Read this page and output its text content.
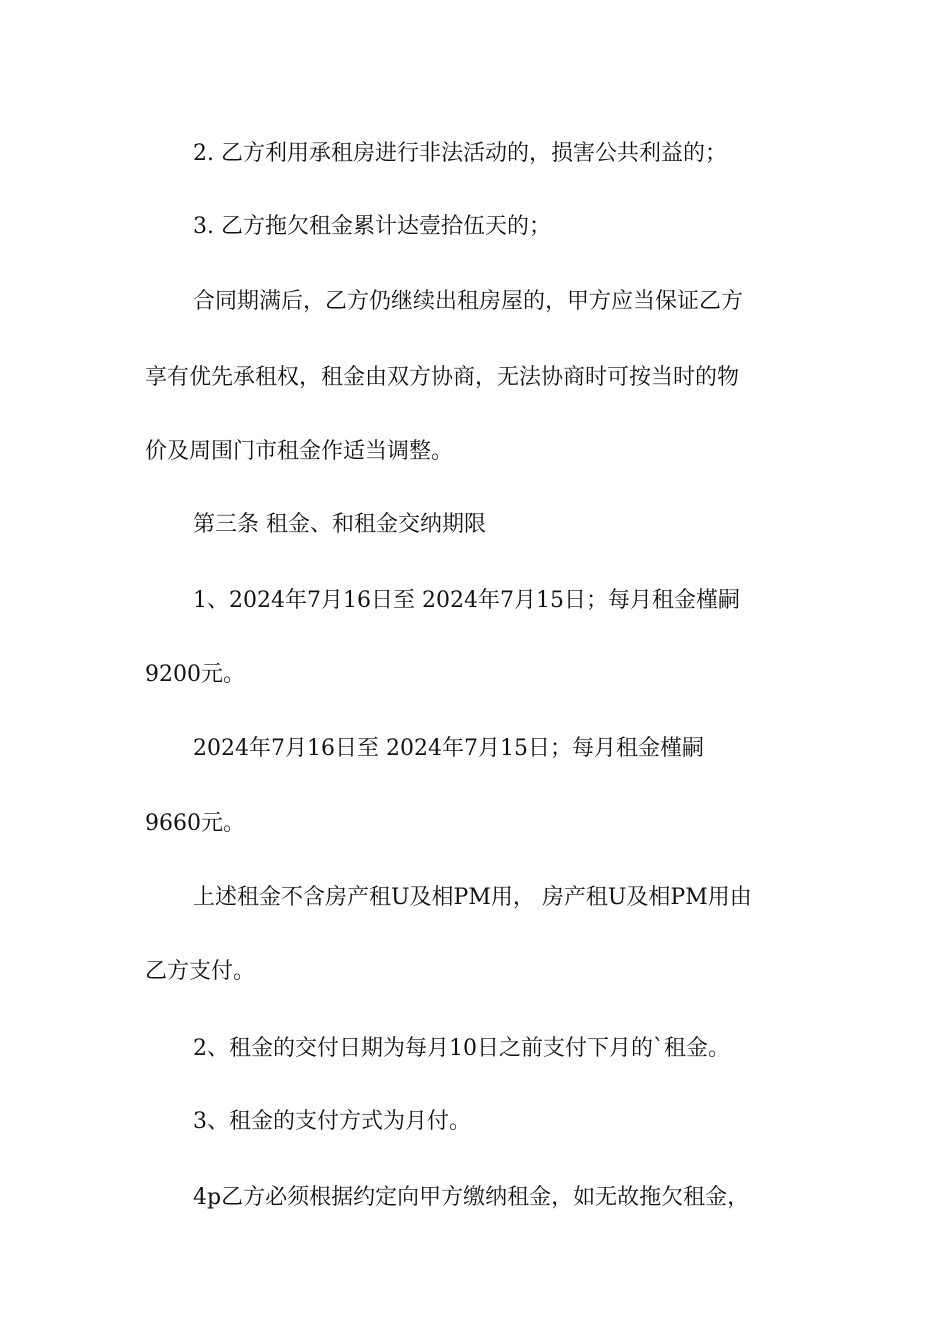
2. 乙方利用承租房进行非法活动的，损害公共利益的；

3. 乙方拖欠租金累计达壹拾伍天的；

合同期满后，乙方仍继续出租房屋的，甲方应当保证乙方

享有优先承租权，租金由双方协商，无法协商时可按当时的物

价及周围门市租金作适当调整。

第三条 租金、和租金交纳期限

1、2024年7月16日至 2024年7月15日；每月租金槿嗣

9200元。

2024年7月16日至 2024年7月15日；每月租金槿嗣

9660元。

上述租金不含房产租U及相PM用， 房产租U及相PM用由

乙方支付。

2、租金的交付日期为每月10日之前支付下月的`租金。

3、租金的支付方式为月付。

4p乙方必须根据约定向甲方缴纳租金，如无故拖欠租金，
